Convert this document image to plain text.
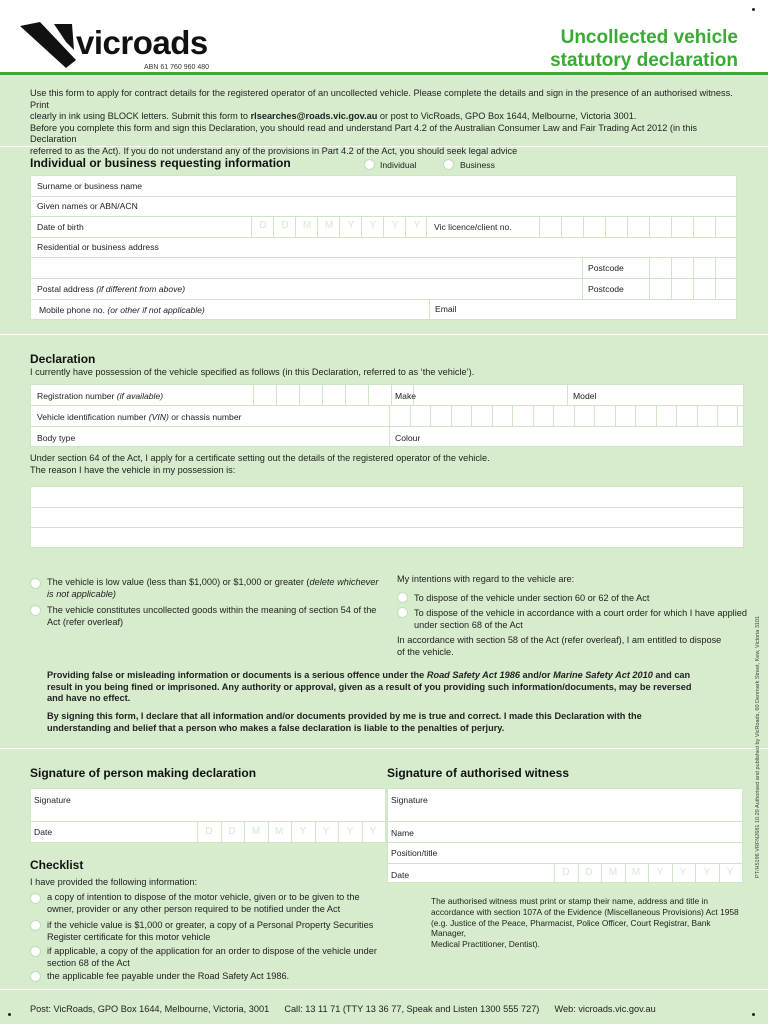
vicroads
ABN 61 760 960 480
Uncollected vehicle
statutory declaration
Use this form to apply for contract details for the registered operator of an uncollected vehicle. Please complete the details and sign in the presence of an authorised witness. Print
clearly in ink using BLOCK letters. Submit this form to rlsearches@roads.vic.gov.au or post to VicRoads, GPO Box 1644, Melbourne, Victoria 3001.
Before you complete this form and sign this Declaration, you should read and understand Part 4.2 of the Australian Consumer Law and Fair Trading Act 2012 (in this Declaration
referred to as the Act). If you do not understand any of the provisions in Part 4.2 of the Act, you should seek legal advice
Individual or business requesting information	Individual	Business
Surname or business name
Given names or ABN/ACN
Date of birth	D	D	M	M	Y	Y	Y	Y	Vic licence/client no.
Residential or business address
Postcode
Postal address (if different from above)	Postcode
Mobile phone no. (or other if not applicable)	Email
Declaration
I currently have possession of the vehicle specified as follows (in this Declaration, referred to as ‘the vehicle’).
Registration number (if available)	Make	Model
Vehicle identification number (VIN) or chassis number
Body type	Colour
Under section 64 of the Act, I apply for a certificate setting out the details of the registered operator of the vehicle.
The reason I have the vehicle in my possession is:
The vehicle is low value (less than $1,000) or $1,000 or greater (delete whichever
is not applicable)
The vehicle constitutes uncollected goods within the meaning of section 54 of the
Act (refer overleaf)
My intentions with regard to the vehicle are:
To dispose of the vehicle under section 60 or 62 of the Act
To dispose of the vehicle in accordance with a court order for which I have applied
under section 68 of the Act
In accordance with section 58 of the Act (refer overleaf), I am entitled to dispose
of the vehicle.
Providing false or misleading information or documents is a serious offence under the Road Safety Act 1986 and/or Marine Safety Act 2010 and can
result in you being fined or imprisoned. Any authority or approval, given as a result of you providing such information/documents, may be reversed
and have no effect.
By signing this form, I declare that all information and/or documents provided by me is true and correct. I made this Declaration with the
understanding and belief that a person who makes a false declaration is liable to the penalties of perjury.
Signature of person making declaration	Signature of authorised witness
Signature
Date	D	D	M	M	Y	Y	Y	Y
Signature
Name
Position/title
Date	D	D	M	M	Y	Y	Y	Y
The authorised witness must print or stamp their name, address and title in
accordance with section 107A of the Evidence (Miscellaneous Provisions) Act 1958
(e.g. Justice of the Peace, Pharmacist, Police Officer, Court Registrar, Bank Manager,
Medical Practitioner, Dentist).
Checklist
I have provided the following information:
a copy of intention to dispose of the motor vehicle, given or to be given to the
owner, provider or any other person required to be notified under the Act
if the vehicle value is $1,000 or greater, a copy of a Personal Property Securities
Register certificate for this motor vehicle
if applicable, a copy of the application for an order to dispose of the vehicle under
section 68 of the Act
the applicable fee payable under the Road Safety Act 1986.
Post: VicRoads, GPO Box 1644, Melbourne, Victoria, 3001 Call: 13 11 71 (TTY 13 36 77, Speak and Listen 1300 555 727) Web: vicroads.vic.gov.au
PT/H5196 VRFN2681 10.20 Authorised and published by VicRoads, 60 Denmark Street, Kew, Victoria 3101
